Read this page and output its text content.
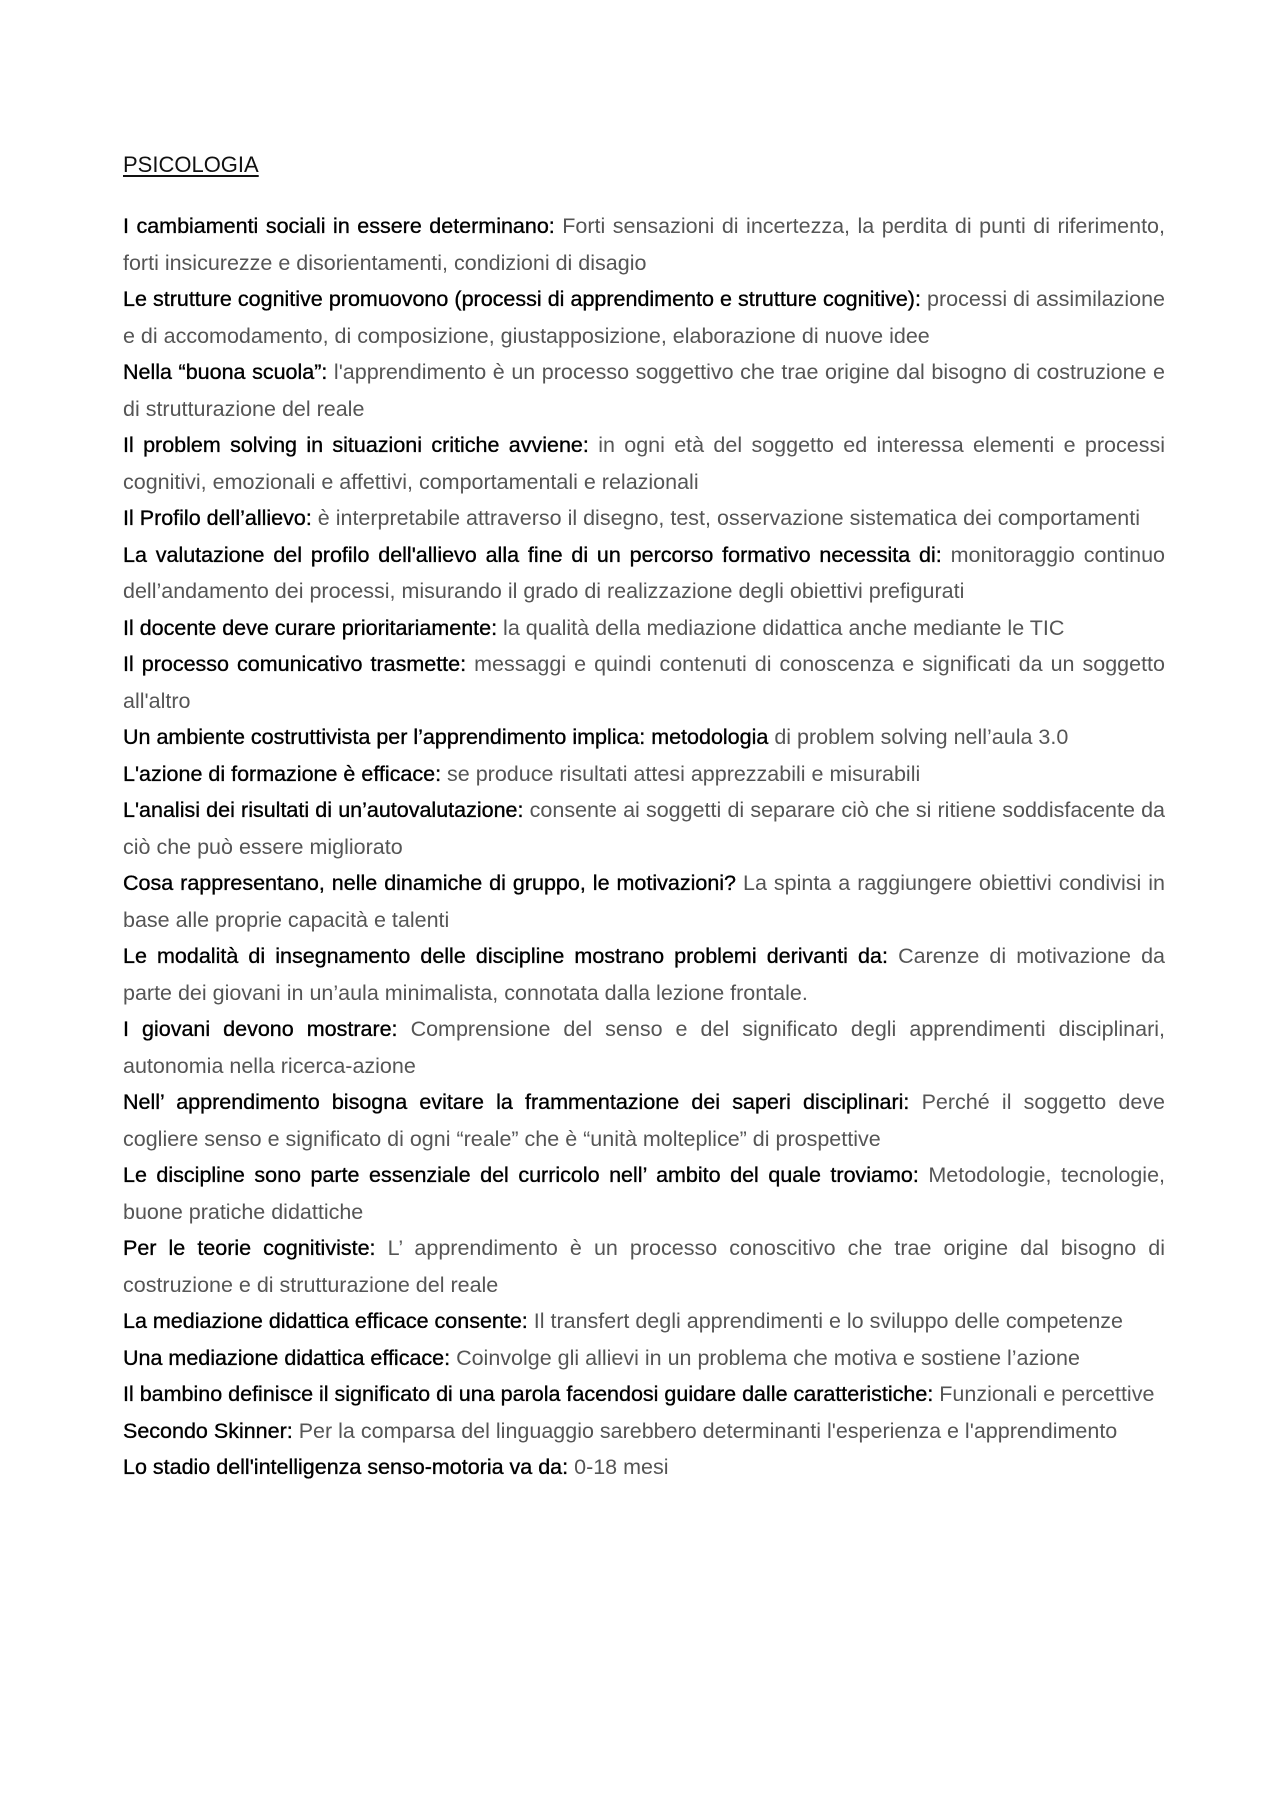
PSICOLOGIA

I cambiamenti sociali in essere determinano: Forti sensazioni di incertezza, la perdita di punti di riferimento, forti insicurezze e disorientamenti, condizioni di disagio

Le strutture cognitive promuovono (processi di apprendimento e strutture cognitive): processi di assimilazione e di accomodamento, di composizione, giustapposizione, elaborazione di nuove idee

Nella “buona scuola”: l'apprendimento è un processo soggettivo che trae origine dal bisogno di costruzione e di strutturazione del reale

Il problem solving in situazioni critiche avviene: in ogni età del soggetto ed interessa elementi e processi cognitivi, emozionali e affettivi, comportamentali e relazionali

Il Profilo dell’allievo: è interpretabile attraverso il disegno, test, osservazione sistematica dei comportamenti

La valutazione del profilo dell'allievo alla fine di un percorso formativo necessita di: monitoraggio continuo dell’andamento dei processi, misurando il grado di realizzazione degli obiettivi prefigurati

Il docente deve curare prioritariamente: la qualità della mediazione didattica anche mediante le TIC

Il processo comunicativo trasmette: messaggi e quindi contenuti di conoscenza e significati da un soggetto all'altro

Un ambiente costruttivista per l’apprendimento implica: metodologia di problem solving nell’aula 3.0

L'azione di formazione è efficace: se produce risultati attesi apprezzabili e misurabili

L'analisi dei risultati di un’autovalutazione: consente ai soggetti di separare ciò che si ritiene soddisfacente da ciò che può essere migliorato

Cosa rappresentano, nelle dinamiche di gruppo, le motivazioni? La spinta a raggiungere obiettivi condivisi in base alle proprie capacità e talenti

Le modalità di insegnamento delle discipline mostrano problemi derivanti da: Carenze di motivazione da parte dei giovani in un’aula minimalista, connotata dalla lezione frontale.

I giovani devono mostrare: Comprensione del senso e del significato degli apprendimenti disciplinari, autonomia nella ricerca-azione

Nell’ apprendimento bisogna evitare la frammentazione dei saperi disciplinari: Perché il soggetto deve cogliere senso e significato di ogni “reale” che è “unità molteplice” di prospettive

Le discipline sono parte essenziale del curricolo nell’ ambito del quale troviamo: Metodologie, tecnologie, buone pratiche didattiche

Per le teorie cognitiviste: L’ apprendimento è un processo conoscitivo che trae origine dal bisogno di costruzione e di strutturazione del reale

La mediazione didattica efficace consente: Il transfert degli apprendimenti e lo sviluppo delle competenze

Una mediazione didattica efficace: Coinvolge gli allievi in un problema che motiva e sostiene l’azione

Il bambino definisce il significato di una parola facendosi guidare dalle caratteristiche: Funzionali e percettive

Secondo Skinner: Per la comparsa del linguaggio sarebbero determinanti l'esperienza e l'apprendimento

Lo stadio dell'intelligenza senso-motoria va da: 0-18 mesi
